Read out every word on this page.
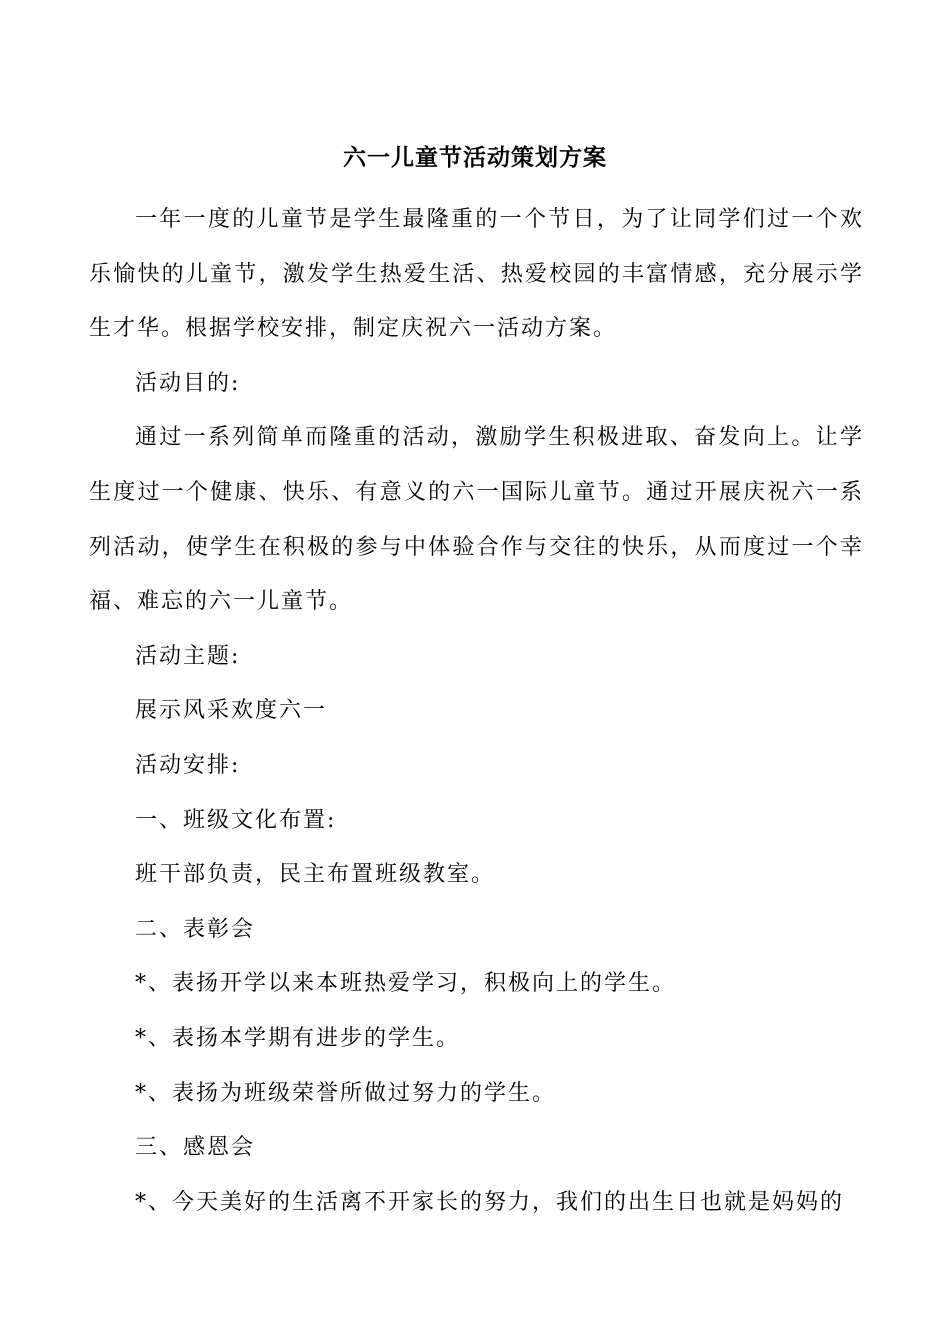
六一儿童节活动策划方案

一年一度的儿童节是学生最隆重的一个节日，为了让同学们过一个欢乐愉快的儿童节，激发学生热爱生活、热爱校园的丰富情感，充分展示学生才华。根据学校安排，制定庆祝六一活动方案。

活动目的:

通过一系列简单而隆重的活动，激励学生积极进取、奋发向上。让学生度过一个健康、快乐、有意义的六一国际儿童节。通过开展庆祝六一系列活动，使学生在积极的参与中体验合作与交往的快乐，从而度过一个幸福、难忘的六一儿童节。

活动主题:

展示风采欢度六一

活动安排:

一、班级文化布置:

班干部负责，民主布置班级教室。

二、表彰会

*、表扬开学以来本班热爱学习，积极向上的学生。

*、表扬本学期有进步的学生。

*、表扬为班级荣誉所做过努力的学生。

三、感恩会

*、今天美好的生活离不开家长的努力，我们的出生日也就是妈妈的
